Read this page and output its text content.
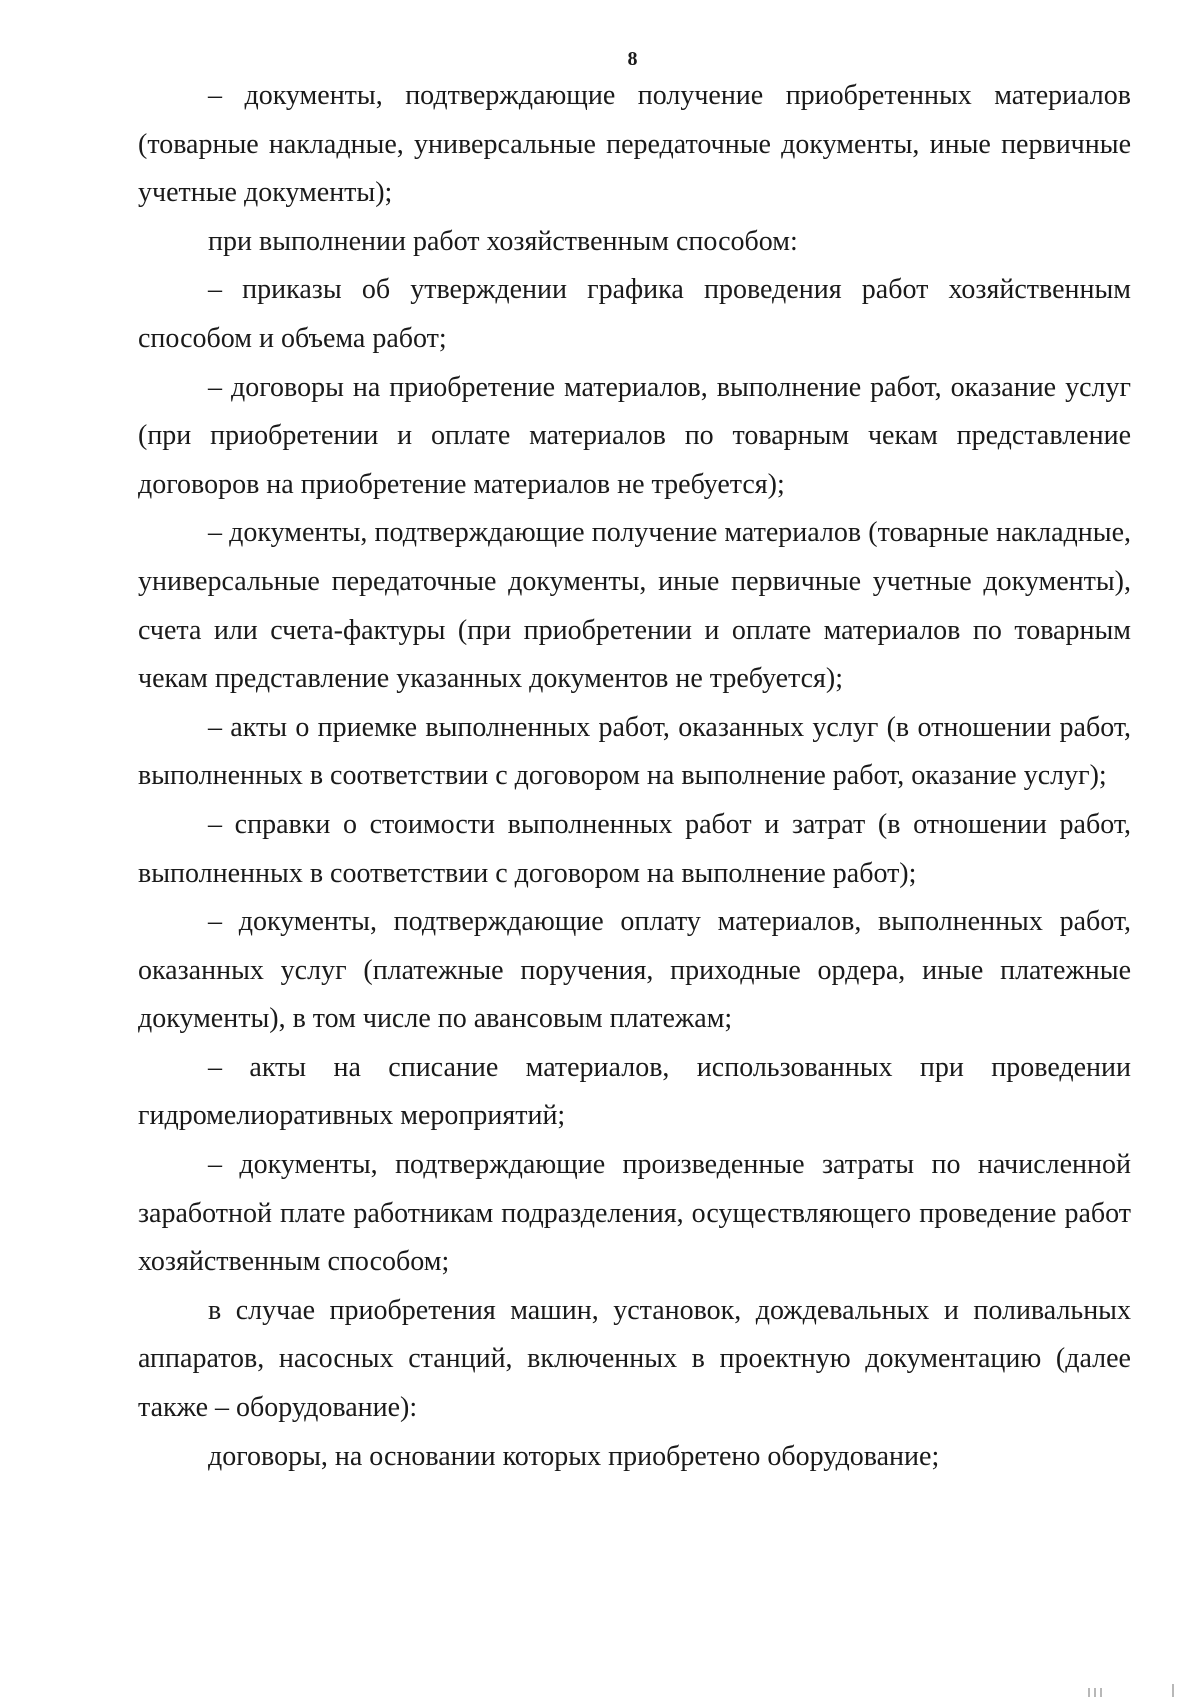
8

– документы, подтверждающие получение приобретенных материалов (товарные накладные, универсальные передаточные документы, иные первичные учетные документы);

при выполнении работ хозяйственным способом:

– приказы об утверждении графика проведения работ хозяйственным способом и объема работ;

– договоры на приобретение материалов, выполнение работ, оказание услуг (при приобретении и оплате материалов по товарным чекам представление договоров на приобретение материалов не требуется);

– документы, подтверждающие получение материалов (товарные накладные, универсальные передаточные документы, иные первичные учетные документы), счета или счета-фактуры (при приобретении и оплате материалов по товарным чекам представление указанных документов не требуется);

– акты о приемке выполненных работ, оказанных услуг (в отношении работ, выполненных в соответствии с договором на выполнение работ, оказание услуг);

– справки о стоимости выполненных работ и затрат (в отношении работ, выполненных в соответствии с договором на выполнение работ);

– документы, подтверждающие оплату материалов, выполненных работ, оказанных услуг (платежные поручения, приходные ордера, иные платежные документы), в том числе по авансовым платежам;

– акты на списание материалов, использованных при проведении гидромелиоративных мероприятий;

– документы, подтверждающие произведенные затраты по начисленной заработной плате работникам подразделения, осуществляющего проведение работ хозяйственным способом;

в случае приобретения машин, установок, дождевальных и поливальных аппаратов, насосных станций, включенных в проектную документацию (далее также – оборудование):

договоры, на основании которых приобретено оборудование;
